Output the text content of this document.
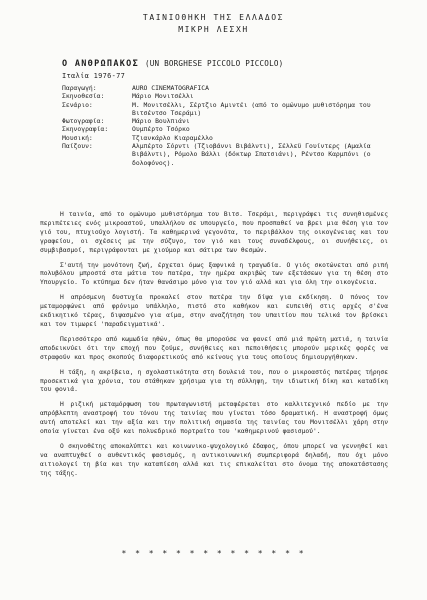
ΤΑΙΝΙΟΘΗΚΗ ΤΗΣ ΕΛΛΑΔΟΣ
ΜΙΚΡΗ ΛΕΣΧΗ
Ο ΑΝΘΡΩΠΑΚΟΣ (UN BORGHESE PICCOLO PICCOLO)
Ιταλία 1976-77
Παραγωγή:	AURO CINEMATOGRAFICA
Σκηνοθεσία:	Μάριο Μονιτσέλλι
Σενάριο:	Μ. Μονιτσέλλι, Σέρτζιο Αμιντέι (από το ομώνυμο μυθιστόρημα του Βιτσέντσο Τσεράμι)
Φωτογραφία:	Μάριο Βουλπιάνι
Σκηνογραφία:	Ουμπέρτο Τσόρκο
Μουσική:	Τζιανκάρλο Κιαραμέλλο
Παίζουν:	Αλμπέρτο Σόρντι (Τζιοβάννι Βιβάλντι), Σέλλεϋ Γουίντερς (Αμαλία Βιβάλντι), Ρόμολο Βάλλι (δόκτωρ Σπατσιάνι), Ρέντσο Καρμπόνι (ο δολοφόνος).

Η ταινία, από το ομώνυμο μυθιστόρημα του Βιτσ. Τσεράμι, περιγράφει τις συνηθισμένες περιπέτειες ενός μικροαστού, υπαλλήλου σε υπουργείο, που προσπαθεί να βρει μια θέση για τον γιό του, πτυχιούχο λογιστή. Τα καθημερινά γεγονότα, το περιβάλλον της οικογένειας και του γραφείου, οι σχέσεις με την σύζυγο, τον γιό και τους συναδέλφους, οι συνήθειες, οι συμβιβασμοί, περιγράφονται με χιούμορ και σάτιρα των θεσμών.

Σ'αυτή την μονότονη ζωή, έρχεται όμως ξαφνικά η τραγωδία. Ο γιός σκοτώνεται από ριπή πολυβόλου μπροστά στα μάτια του πατέρα, την ημέρα ακριβώς των εξετάσεων για τη θέση στο Υπουργείο. Το κτύπημα δεν ήταν θανάσιμο μόνο για τον γιό αλλά και για όλη την οικογένεια.

Η απρόσμενη δυστυχία προκαλεί στον πατέρα την δίψα για εκδίκηση. Ο πόνος τον μεταμορφώνει από φρόνιμο υπάλληλο, πιστό στο καθήκον και ευπειθή στις αρχές σ'ένα εκδικητικό τέρας, διψασμένο για αίμα, στην αναζήτηση του υπαιτίου που τελικά τον βρίσκει και τον τιμωρεί 'παραδειγματικά'.

Περισσότερο από κωμωδία ηθών, όπως θα μπορούσε να φανεί από μιά πρώτη ματιά, η ταινία αποδεικνύει ότι την εποχή που ζούμε, συνήθειες και πεποιθήσεις μπορούν μερικές φορές να στραφούν και προς σκοπούς διαφορετικούς από κείνους για τους οποίους δημιουργήθηκαν.

Η τάξη, η ακρίβεια, η σχολαστικότητα στη δουλειά του, που ο μικροαστός πατέρας τήρησε προσεκτικά για χρόνια, του στάθηκαν χρήσιμα για τη σύλληψη, την ιδιωτική δίκη και καταδίκη του φονιά.

Η ριζική μεταμόρφωση του πρωταγωνιστή μεταφέρεται στο καλλιτεχνικό πεδίο με την απρόβλεπτη αναστροφή του τόνου της ταινίας που γίνεται τόσο δραματική. Η αναστροφή όμως αυτή αποτελεί και την αξία και την πολιτική σημασία της ταινίας του Μονιτσέλλι χάρη στην οποία γίνεται ένα οξύ και πολυεδρικό πορτραίτο του 'καθημερινού φασισμού'.

Ο σκηνοθέτης αποκαλύπτει και κοινωνικο-ψυχολογικό έδαφος, όπου μπορεί να γεννηθεί και να αναπτυχθεί ο αυθεντικός φασισμός, η αντικοινωνική συμπεριφορά δηλαδή, που όχι μόνο αιτιολογεί τη βία και την καταπίεση αλλά και τις επικαλείται στο όνομα της αποκατάστασης της τάξης.

* * * * * * * * * * * * * *
